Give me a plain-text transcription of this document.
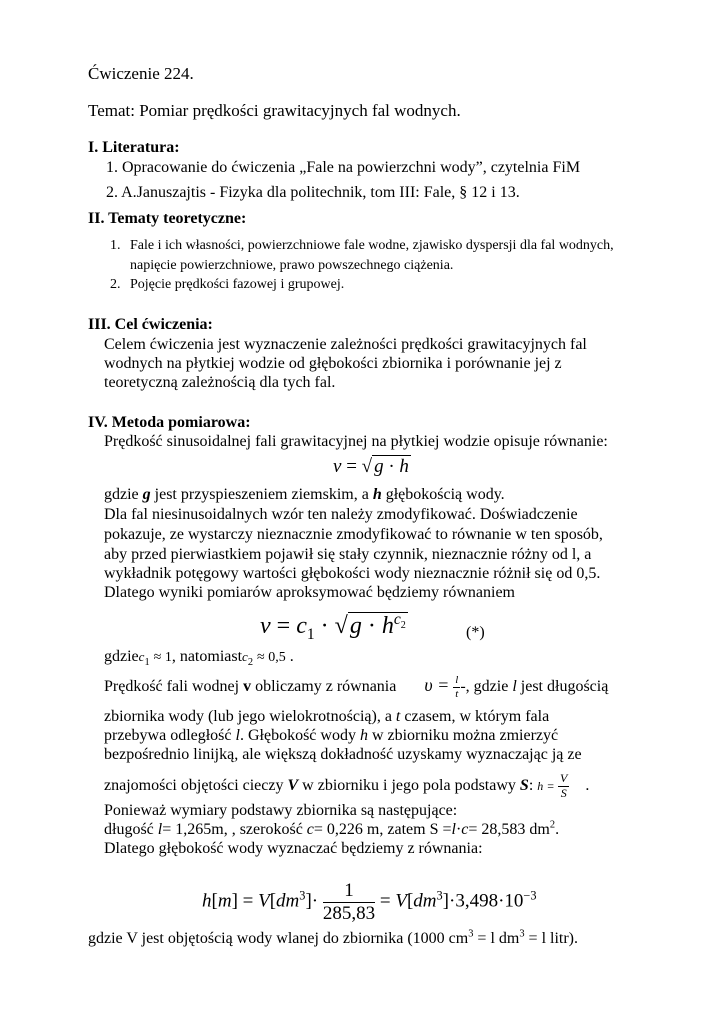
Ćwiczenie 224.
Temat: Pomiar prędkości grawitacyjnych fal wodnych.
I. Literatura:
1. Opracowanie do ćwiczenia „Fale na powierzchni wody”, czytelnia FiM
2. A.Januszajtis - Fizyka dla politechnik, tom III: Fale, § 12 i 13.
II. Tematy teoretyczne:
1. Fale i ich własności, powierzchniowe fale wodne, zjawisko dyspersji dla fal wodnych,
napięcie powierzchniowe, prawo powszechnego ciążenia.
2. Pojęcie prędkości fazowej i grupowej.
III. Cel ćwiczenia:
Celem ćwiczenia jest wyznaczenie zależności prędkości grawitacyjnych fal
wodnych na płytkiej wodzie od głębokości zbiornika i porównanie jej z
teoretyczną zależnością dla tych fal.
IV. Metoda pomiarowa:
Prędkość sinusoidalnej fali grawitacyjnej na płytkiej wodzie opisuje równanie:
v = √ g · h
gdzie g jest przyspieszeniem ziemskim, a h głębokością wody.
Dla fal niesinusoidalnych wzór ten należy zmodyfikować. Doświadczenie
pokazuje, ze wystarczy nieznacznie zmodyfikować to równanie w ten sposób,
aby przed pierwiastkiem pojawił się stały czynnik, nieznacznie różny od l, a
wykładnik potęgowy wartości głębokości wody nieznacznie różnił się od 0,5.
Dlatego wyniki pomiarów aproksymować będziemy równaniem
$v = c_1 \cdot √g \cdot h^{c_2}$	(*)
gdziec$_1$ ≈ 1, natomiastc$_2$ ≈ 0,5 .
Prędkość fali wodnej v obliczamy z równania $\upsilon = \frac{l}{t}$ -, gdzie l jest długością
zbiornika wody (lub jego wielokrotnością), a t czasem, w którym fala
przebywa odległość l. Głębokość wody h w zbiorniku można zmierzyć
bezpośrednio linijką, ale większą dokładność uzyskamy wyznaczając ją ze
znajomości objętości cieczy V w zbiorniku i jego pola podstawy S: $h = \frac{V}{S}$ .
Ponieważ wymiary podstawy zbiornika są następujące:
długość l= 1,265m, , szerokość c= 0,226 m, zatem S =l·c= 28,583 $dm^2$.
Dlatego głębokość wody wyznaczać będziemy z równania:
$h[m] = V[dm^3]\cdot \frac{1}{285,83} = V[dm^3]\cdot 3,498\cdot 10^{-3}$
gdzie V jest objętością wody wlanej do zbiornika (1000 $cm^3 = l$ $dm^3 = l$ litr).
